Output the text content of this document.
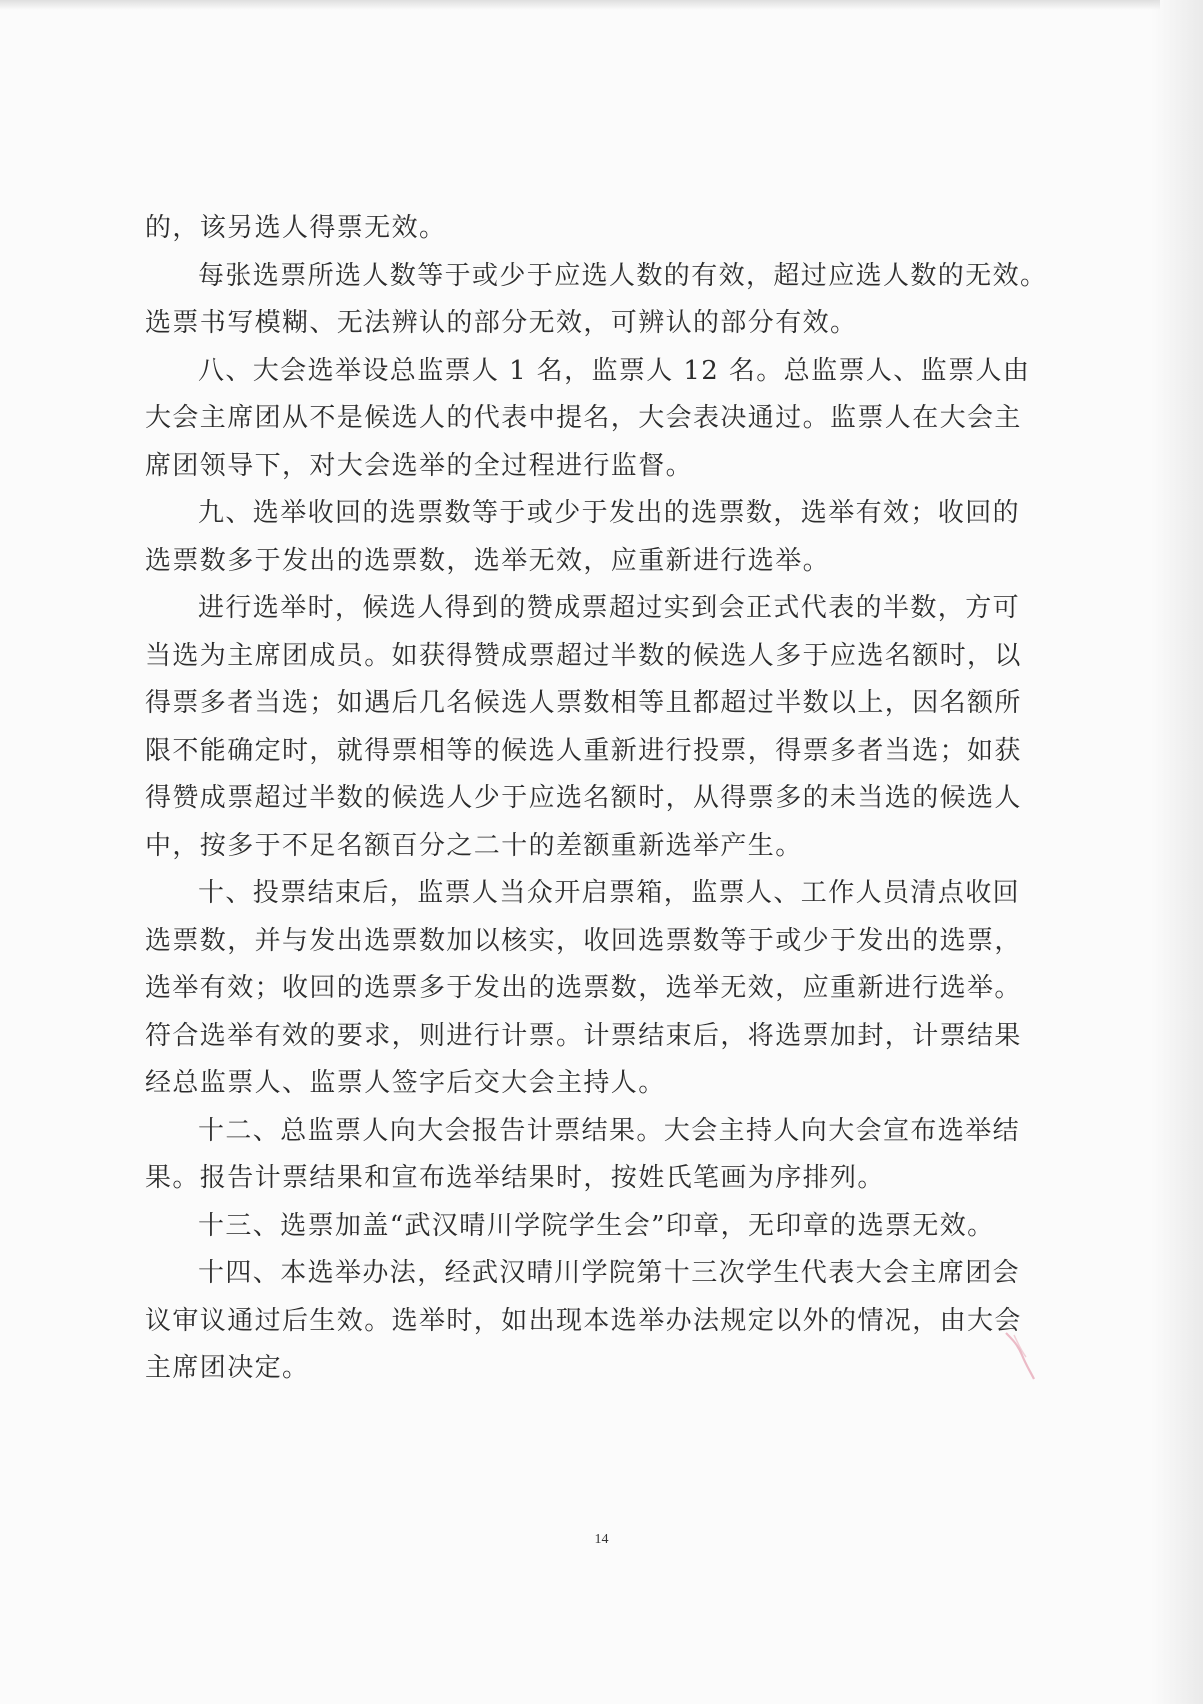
的，该另选人得票无效。
每张选票所选人数等于或少于应选人数的有效，超过应选人数的无效。
选票书写模糊、无法辨认的部分无效，可辨认的部分有效。
八、大会选举设总监票人 1 名，监票人 12 名。总监票人、监票人由
大会主席团从不是候选人的代表中提名，大会表决通过。监票人在大会主
席团领导下，对大会选举的全过程进行监督。
九、选举收回的选票数等于或少于发出的选票数，选举有效；收回的
选票数多于发出的选票数，选举无效，应重新进行选举。
进行选举时，候选人得到的赞成票超过实到会正式代表的半数，方可
当选为主席团成员。如获得赞成票超过半数的候选人多于应选名额时，以
得票多者当选；如遇后几名候选人票数相等且都超过半数以上，因名额所
限不能确定时，就得票相等的候选人重新进行投票，得票多者当选；如获
得赞成票超过半数的候选人少于应选名额时，从得票多的未当选的候选人
中，按多于不足名额百分之二十的差额重新选举产生。
十、投票结束后，监票人当众开启票箱，监票人、工作人员清点收回
选票数，并与发出选票数加以核实，收回选票数等于或少于发出的选票，
选举有效；收回的选票多于发出的选票数，选举无效，应重新进行选举。
符合选举有效的要求，则进行计票。计票结束后，将选票加封，计票结果
经总监票人、监票人签字后交大会主持人。
十二、总监票人向大会报告计票结果。大会主持人向大会宣布选举结
果。报告计票结果和宣布选举结果时，按姓氏笔画为序排列。
十三、选票加盖“武汉晴川学院学生会”印章，无印章的选票无效。
十四、本选举办法，经武汉晴川学院第十三次学生代表大会主席团会
议审议通过后生效。选举时，如出现本选举办法规定以外的情况，由大会
主席团决定。
14
